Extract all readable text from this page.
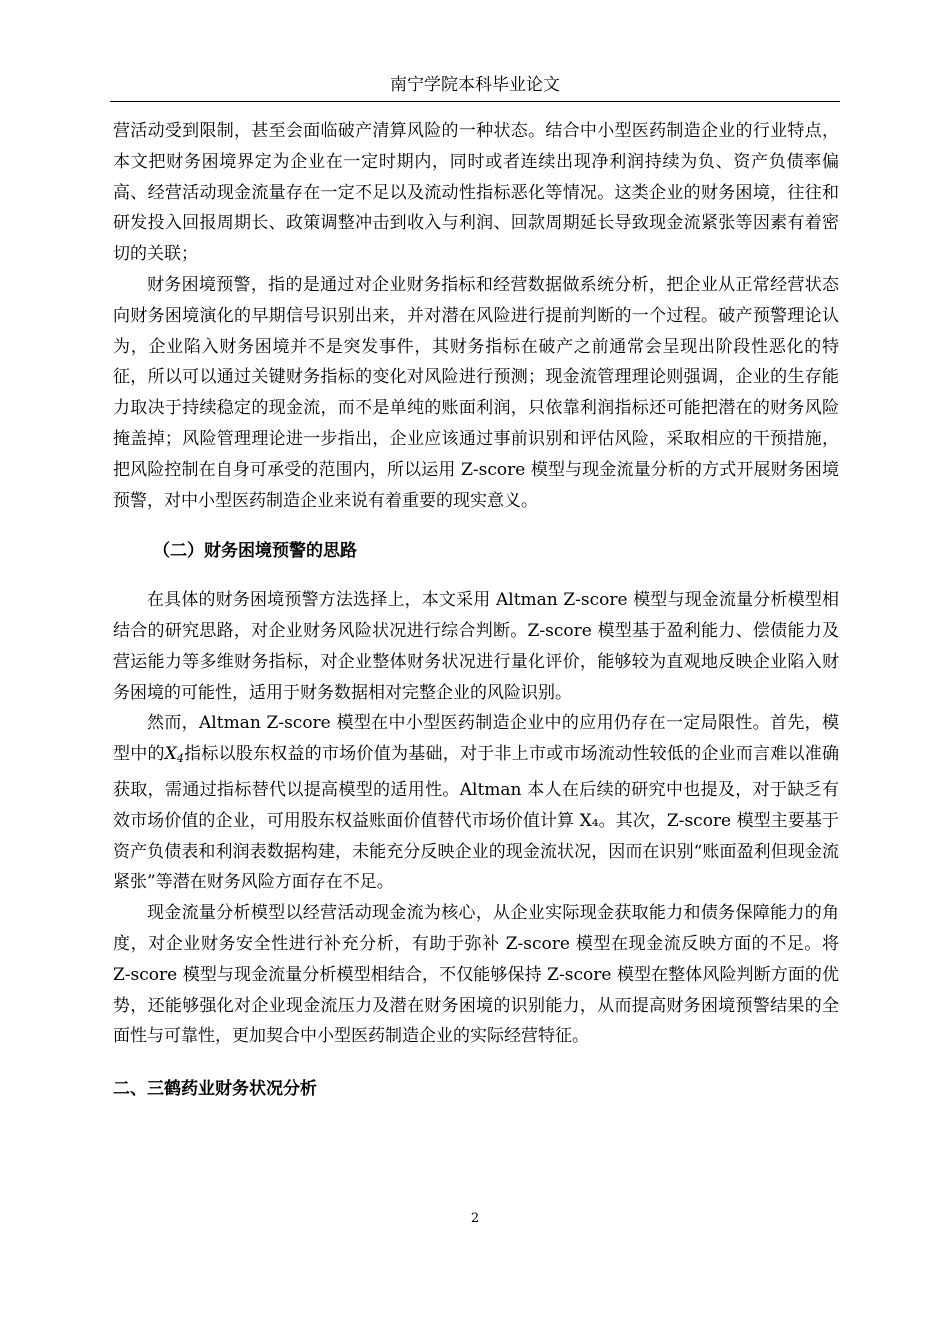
南宁学院本科毕业论文

营活动受到限制，甚至会面临破产清算风险的一种状态。结合中小型医药制造企业的行业特点，本文把财务困境界定为企业在一定时期内，同时或者连续出现净利润持续为负、资产负债率偏高、经营活动现金流量存在一定不足以及流动性指标恶化等情况。这类企业的财务困境，往往和研发投入回报周期长、政策调整冲击到收入与利润、回款周期延长导致现金流紧张等因素有着密切的关联；

财务困境预警，指的是通过对企业财务指标和经营数据做系统分析，把企业从正常经营状态向财务困境演化的早期信号识别出来，并对潜在风险进行提前判断的一个过程。破产预警理论认为，企业陷入财务困境并不是突发事件，其财务指标在破产之前通常会呈现出阶段性恶化的特征，所以可以通过关键财务指标的变化对风险进行预测；现金流管理理论则强调，企业的生存能力取决于持续稳定的现金流，而不是单纯的账面利润，只依靠利润指标还可能把潜在的财务风险掩盖掉；风险管理理论进一步指出，企业应该通过事前识别和评估风险，采取相应的干预措施，把风险控制在自身可承受的范围内，所以运用 Z-score 模型与现金流量分析的方式开展财务困境预警，对中小型医药制造企业来说有着重要的现实意义。

（二）财务困境预警的思路

在具体的财务困境预警方法选择上，本文采用 Altman Z-score 模型与现金流量分析模型相结合的研究思路，对企业财务风险状况进行综合判断。Z-score 模型基于盈利能力、偿债能力及营运能力等多维财务指标，对企业整体财务状况进行量化评价，能够较为直观地反映企业陷入财务困境的可能性，适用于财务数据相对完整企业的风险识别。

然而，Altman Z-score 模型在中小型医药制造企业中的应用仍存在一定局限性。首先，模型中的$X_4$指标以股东权益的市场价值为基础，对于非上市或市场流动性较低的企业而言难以准确获取，需通过指标替代以提高模型的适用性。Altman 本人在后续的研究中也提及，对于缺乏有效市场价值的企业，可用股东权益账面价值替代市场价值计算 X₄。其次，Z-score 模型主要基于资产负债表和利润表数据构建，未能充分反映企业的现金流状况，因而在识别“账面盈利但现金流紧张”等潜在财务风险方面存在不足。

现金流量分析模型以经营活动现金流为核心，从企业实际现金获取能力和债务保障能力的角度，对企业财务安全性进行补充分析，有助于弥补 Z-score 模型在现金流反映方面的不足。将 Z-score 模型与现金流量分析模型相结合，不仅能够保持 Z-score 模型在整体风险判断方面的优势，还能够强化对企业现金流压力及潜在财务困境的识别能力，从而提高财务困境预警结果的全面性与可靠性，更加契合中小型医药制造企业的实际经营特征。

二、三鹤药业财务状况分析

2
